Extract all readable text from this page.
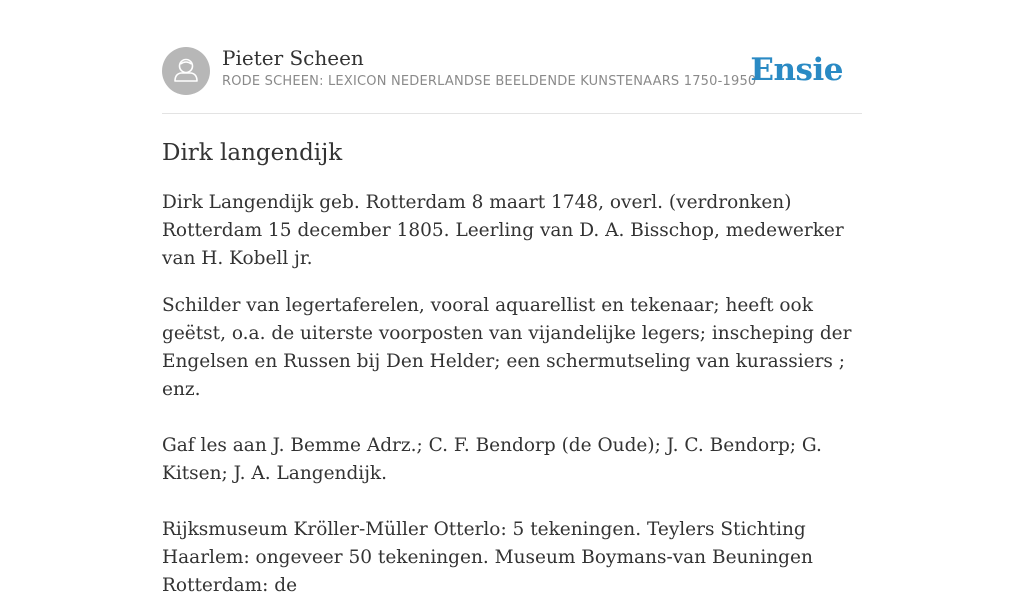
Pieter Scheen
RODE SCHEEN: LEXICON NEDERLANDSE BEELDENDE KUNSTENAARS 1750-1950
Ensie
Dirk langendijk

Dirk Langendijk geb. Rotterdam 8 maart 1748, overl. (verdronken) Rotterdam 15 december 1805. Leerling van D. A. Bisschop, medewerker van H. Kobell jr.

Schilder van legertaferelen, vooral aquarellist en tekenaar; heeft ook geëtst, o.a. de uiterste voorposten van vijandelijke legers; inscheping der Engelsen en Russen bij Den Helder; een schermutseling van kurassiers ; enz.

Gaf les aan J. Bemme Adrz.; C. F. Bendorp (de Oude); J. C. Bendorp; G. Kitsen; J. A. Langendijk.

Rijksmuseum Kröller-Müller Otterlo: 5 tekeningen. Teylers Stichting Haarlem: ongeveer 50 tekeningen. Museum Boymans-van Beuningen Rotterdam: de
